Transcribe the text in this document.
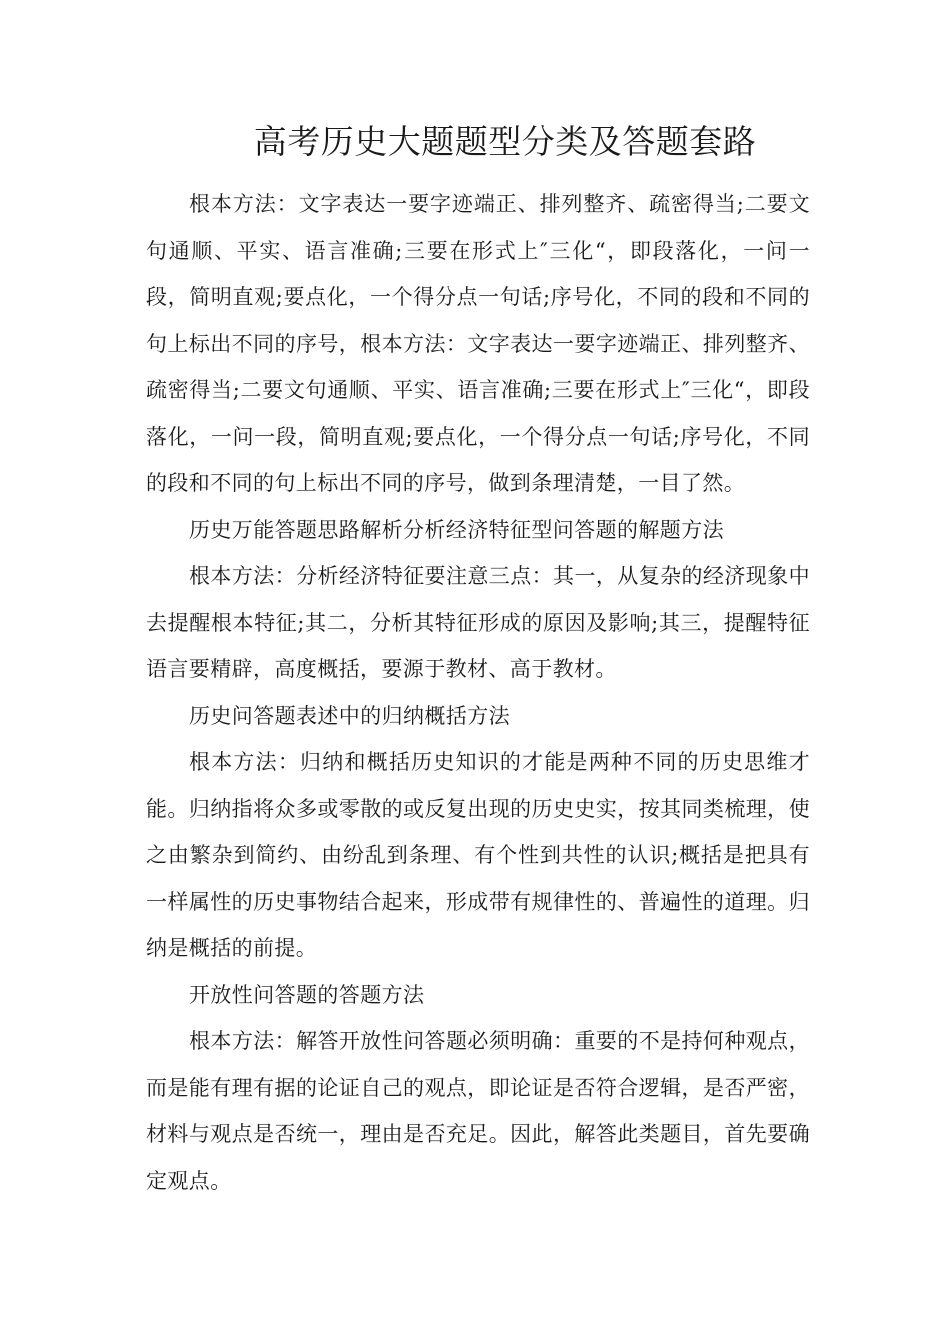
高考历史大题题型分类及答题套路

根本方法：文字表达一要字迹端正、排列整齐、疏密得当;二要文句通顺、平实、语言准确;三要在形式上″三化“，即段落化，一问一段，简明直观;要点化，一个得分点一句话;序号化，不同的段和不同的句上标出不同的序号，根本方法：文字表达一要字迹端正、排列整齐、疏密得当;二要文句通顺、平实、语言准确;三要在形式上″三化“，即段落化，一问一段，简明直观;要点化，一个得分点一句话;序号化，不同的段和不同的句上标出不同的序号，做到条理清楚，一目了然。

历史万能答题思路解析分析经济特征型问答题的解题方法

根本方法：分析经济特征要注意三点：其一，从复杂的经济现象中去提醒根本特征;其二，分析其特征形成的原因及影响;其三，提醒特征语言要精辟，高度概括，要源于教材、高于教材。

历史问答题表述中的归纳概括方法

根本方法：归纳和概括历史知识的才能是两种不同的历史思维才能。归纳指将众多或零散的或反复出现的历史史实，按其同类梳理，使之由繁杂到简约、由纷乱到条理、有个性到共性的认识;概括是把具有一样属性的历史事物结合起来，形成带有规律性的、普遍性的道理。归纳是概括的前提。

开放性问答题的答题方法

根本方法：解答开放性问答题必须明确：重要的不是持何种观点，而是能有理有据的论证自己的观点，即论证是否符合逻辑，是否严密，材料与观点是否统一，理由是否充足。因此，解答此类题目，首先要确定观点。
